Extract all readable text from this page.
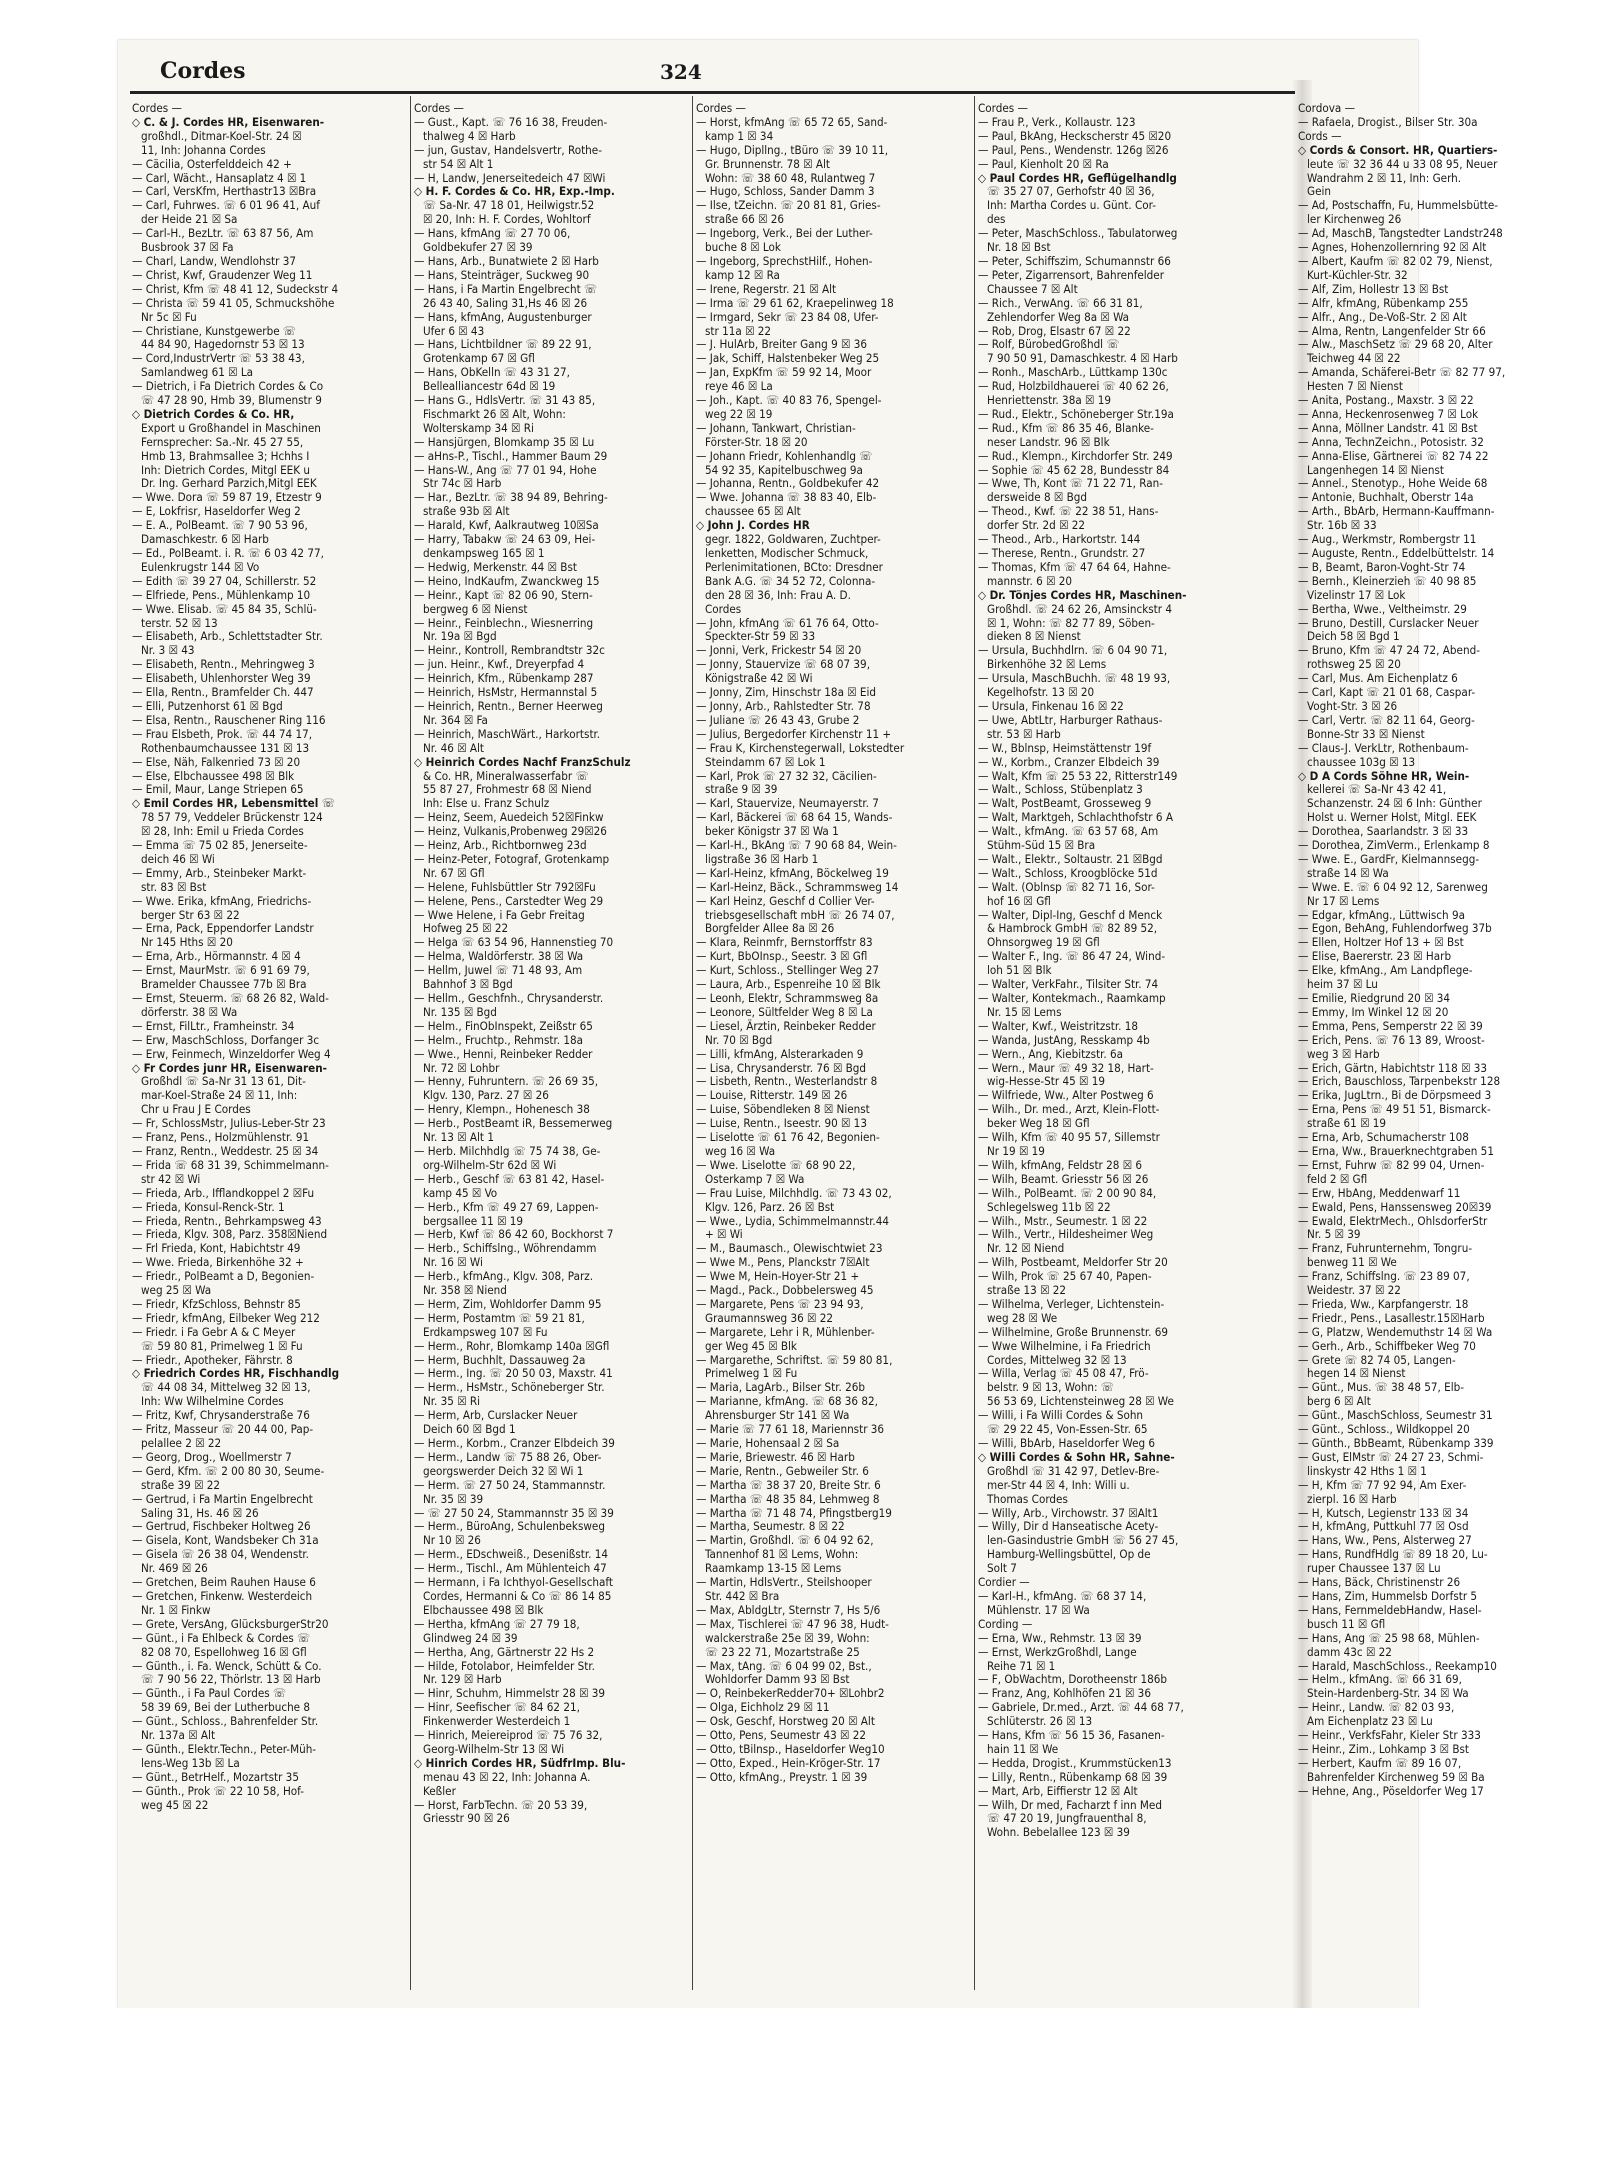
Cordes	324
Cordes —
◇ C. & J. Cordes HR, Eisenwaren-
großhdl., Ditmar-Koel-Str. 24 ☒
11, Inh: Johanna Cordes
— Cäcilia, Osterfelddeich 42 +
— Carl, Wächt., Hansaplatz 4 ☒ 1
— Carl, VersKfm, Herthastr13 ☒Bra
— Carl, Fuhrwes. ☏ 6 01 96 41, Auf
der Heide 21 ☒ Sa
— Carl-H., BezLtr. ☏ 63 87 56, Am
Busbrook 37 ☒ Fa
— Charl, Landw, Wendlohstr 37
— Christ, Kwf, Graudenzer Weg 11
— Christ, Kfm ☏ 48 41 12, Sudeckstr 4
— Christa ☏ 59 41 05, Schmuckshöhe
Nr 5c ☒ Fu
— Christiane, Kunstgewerbe ☏
44 84 90, Hagedornstr 53 ☒ 13
— Cord,IndustrVertr ☏ 53 38 43,
Samlandweg 61 ☒ La
— Dietrich, i Fa Dietrich Cordes & Co
☏ 47 28 90, Hmb 39, Blumenstr 9
◇ Dietrich Cordes & Co. HR,
Export u Großhandel in Maschinen
Fernsprecher: Sa.-Nr. 45 27 55,
Hmb 13, Brahmsallee 3; Hchhs I
Inh: Dietrich Cordes, Mitgl EEK u
Dr. Ing. Gerhard Parzich,Mitgl EEK
— Wwe. Dora ☏ 59 87 19, Etzestr 9
— E, Lokfrisr, Haseldorfer Weg 2
— E. A., PolBeamt. ☏ 7 90 53 96,
Damaschkestr. 6 ☒ Harb
— Ed., PolBeamt. i. R. ☏ 6 03 42 77,
Eulenkrugstr 144 ☒ Vo
— Edith ☏ 39 27 04, Schillerstr. 52
— Elfriede, Pens., Mühlenkamp 10
— Wwe. Elisab. ☏ 45 84 35, Schlü-
terstr. 52 ☒ 13
— Elisabeth, Arb., Schlettstadter Str.
Nr. 3 ☒ 43
— Elisabeth, Rentn., Mehringweg 3
— Elisabeth, Uhlenhorster Weg 39
— Ella, Rentn., Bramfelder Ch. 447
— Elli, Putzenhorst 61 ☒ Bgd
— Elsa, Rentn., Rauschener Ring 116
— Frau Elsbeth, Prok. ☏ 44 74 17,
Rothenbaumchaussee 131 ☒ 13
— Else, Näh, Falkenried 73 ☒ 20
— Else, Elbchaussee 498 ☒ Blk
— Emil, Maur, Lange Striepen 65
◇ Emil Cordes HR, Lebensmittel ☏
78 57 79, Veddeler Brückenstr 124
☒ 28, Inh: Emil u Frieda Cordes
— Emma ☏ 75 02 85, Jenerseite-
deich 46 ☒ Wi
— Emmy, Arb., Steinbeker Markt-
str. 83 ☒ Bst
— Wwe. Erika, kfmAng, Friedrichs-
berger Str 63 ☒ 22
— Erna, Pack, Eppendorfer Landstr
Nr 145 Hths ☒ 20
— Erna, Arb., Hörmannstr. 4 ☒ 4
— Ernst, MaurMstr. ☏ 6 91 69 79,
Bramelder Chaussee 77b ☒ Bra
— Ernst, Steuerm. ☏ 68 26 82, Wald-
dörferstr. 38 ☒ Wa
— Ernst, FilLtr., Framheinstr. 34
— Erw, MaschSchloss, Dorfanger 3c
— Erw, Feinmech, Winzeldorfer Weg 4
◇ Fr Cordes junr HR, Eisenwaren-
Großhdl ☏ Sa-Nr 31 13 61, Dit-
mar-Koel-Straße 24 ☒ 11, Inh:
Chr u Frau J E Cordes
— Fr, SchlossMstr, Julius-Leber-Str 23
— Franz, Pens., Holzmühlenstr. 91
— Franz, Rentn., Weddestr. 25 ☒ 34
— Frida ☏ 68 31 39, Schimmelmann-
str 42 ☒ Wi
— Frieda, Arb., Ifflandkoppel 2 ☒Fu
— Frieda, Konsul-Renck-Str. 1
— Frieda, Rentn., Behrkampsweg 43
— Frieda, Klgv. 308, Parz. 358☒Niend
— Frl Frieda, Kont, Habichtstr 49
— Wwe. Frieda, Birkenhöhe 32 +
— Friedr., PolBeamt a D, Begonien-
weg 25 ☒ Wa
— Friedr, KfzSchloss, Behnstr 85
— Friedr, kfmAng, Eilbeker Weg 212
— Friedr. i Fa Gebr A & C Meyer
☏ 59 80 81, Primelweg 1 ☒ Fu
— Friedr., Apotheker, Fährstr. 8
◇ Friedrich Cordes HR, Fischhandlg
☏ 44 08 34, Mittelweg 32 ☒ 13,
Inh: Ww Wilhelmine Cordes
— Fritz, Kwf, Chrysanderstraße 76
— Fritz, Masseur ☏ 20 44 00, Pap-
pelallee 2 ☒ 22
— Georg, Drog., Woellmerstr 7
— Gerd, Kfm. ☏ 2 00 80 30, Seume-
straße 39 ☒ 22
— Gertrud, i Fa Martin Engelbrecht
Saling 31, Hs. 46 ☒ 26
— Gertrud, Fischbeker Holtweg 26
— Gisela, Kont, Wandsbeker Ch 31a
— Gisela ☏ 26 38 04, Wendenstr.
Nr. 469 ☒ 26
— Gretchen, Beim Rauhen Hause 6
— Gretchen, Finkenw. Westerdeich
Nr. 1 ☒ Finkw
— Grete, VersAng, GlücksburgerStr20
— Günt., i Fa Ehlbeck & Cordes ☏
82 08 70, Espellohweg 16 ☒ Gfl
— Günth., i. Fa. Wenck, Schütt & Co.
☏ 7 90 56 22, Thörlstr. 13 ☒ Harb
— Günth., i Fa Paul Cordes ☏
58 39 69, Bei der Lutherbuche 8
— Günt., Schloss., Bahrenfelder Str.
Nr. 137a ☒ Alt
— Günth., Elektr.Techn., Peter-Müh-
lens-Weg 13b ☒ La
— Günt., BetrHelf., Mozartstr 35
— Günth., Prok ☏ 22 10 58, Hof-
weg 45 ☒ 22
Cordes —
— Gust., Kapt. ☏ 76 16 38, Freuden-
thalweg 4 ☒ Harb
— jun, Gustav, Handelsvertr, Rothe-
str 54 ☒ Alt 1
— H, Landw, Jenerseitedeich 47 ☒Wi
◇ H. F. Cordes & Co. HR, Exp.-Imp.
☏ Sa-Nr. 47 18 01, Heilwigstr.52
☒ 20, Inh: H. F. Cordes, Wohltorf
— Hans, kfmAng ☏ 27 70 06,
Goldbekufer 27 ☒ 39
— Hans, Arb., Bunatwiete 2 ☒ Harb
— Hans, Steinträger, Suckweg 90
— Hans, i Fa Martin Engelbrecht ☏
26 43 40, Saling 31,Hs 46 ☒ 26
— Hans, kfmAng, Augustenburger
Ufer 6 ☒ 43
— Hans, Lichtbildner ☏ 89 22 91,
Grotenkamp 67 ☒ Gfl
— Hans, ObKelln ☏ 43 31 27,
Bellealliancestr 64d ☒ 19
— Hans G., HdlsVertr. ☏ 31 43 85,
Fischmarkt 26 ☒ Alt, Wohn:
Wolterskamp 34 ☒ Ri
— Hansjürgen, Blomkamp 35 ☒ Lu
— aHns-P., Tischl., Hammer Baum 29
— Hans-W., Ang ☏ 77 01 94, Hohe
Str 74c ☒ Harb
— Har., BezLtr. ☏ 38 94 89, Behring-
straße 93b ☒ Alt
— Harald, Kwf, Aalkrautweg 10☒Sa
— Harry, Tabakw ☏ 24 63 09, Hei-
denkampsweg 165 ☒ 1
— Hedwig, Merkenstr. 44 ☒ Bst
— Heino, IndKaufm, Zwanckweg 15
— Heinr., Kapt ☏ 82 06 90, Stern-
bergweg 6 ☒ Nienst
— Heinr., Feinblechn., Wiesnerring
Nr. 19a ☒ Bgd
— Heinr., Kontroll, Rembrandtstr 32c
— jun. Heinr., Kwf., Dreyerpfad 4
— Heinrich, Kfm., Rübenkamp 287
— Heinrich, HsMstr, Hermannstal 5
— Heinrich, Rentn., Berner Heerweg
Nr. 364 ☒ Fa
— Heinrich, MaschWärt., Harkortstr.
Nr. 46 ☒ Alt
◇ Heinrich Cordes Nachf FranzSchulz
& Co. HR, Mineralwasserfabr ☏
55 87 27, Frohmestr 68 ☒ Niend
Inh: Else u. Franz Schulz
— Heinz, Seem, Auedeich 52☒Finkw
— Heinz, Vulkanis,Probenweg 29☒26
— Heinz, Arb., Richtbornweg 23d
— Heinz-Peter, Fotograf, Grotenkamp
Nr. 67 ☒ Gfl
— Helene, Fuhlsbüttler Str 792☒Fu
— Helene, Pens., Carstedter Weg 29
— Wwe Helene, i Fa Gebr Freitag
Hofweg 25 ☒ 22
— Helga ☏ 63 54 96, Hannenstieg 70
— Helma, Waldörferstr. 38 ☒ Wa
— Hellm, Juwel ☏ 71 48 93, Am
Bahnhof 3 ☒ Bgd
— Hellm., Geschfnh., Chrysanderstr.
Nr. 135 ☒ Bgd
— Helm., FinObInspekt, Zeißstr 65
— Helm., Fruchtp., Rehmstr. 18a
— Wwe., Henni, Reinbeker Redder
Nr. 72 ☒ Lohbr
— Henny, Fuhruntern. ☏ 26 69 35,
Klgv. 130, Parz. 27 ☒ 26
— Henry, Klempn., Hohenesch 38
— Herb., PostBeamt iR, Bessemerweg
Nr. 13 ☒ Alt 1
— Herb. Milchhdlg ☏ 75 74 38, Ge-
org-Wilhelm-Str 62d ☒ Wi
— Herb., Geschf ☏ 63 81 42, Hasel-
kamp 45 ☒ Vo
— Herb., Kfm ☏ 49 27 69, Lappen-
bergsallee 11 ☒ 19
— Herb, Kwf ☏ 86 42 60, Bockhorst 7
— Herb., Schiffslng., Wöhrendamm
Nr. 16 ☒ Wi
— Herb., kfmAng., Klgv. 308, Parz.
Nr. 358 ☒ Niend
— Herm, Zim, Wohldorfer Damm 95
— Herm, Postamtm ☏ 59 21 81,
Erdkampsweg 107 ☒ Fu
— Herm., Rohr, Blomkamp 140a ☒Gfl
— Herm, Buchhlt, Dassauweg 2a
— Herm., Ing. ☏ 20 50 03, Maxstr. 41
— Herm., HsMstr., Schöneberger Str.
Nr. 35 ☒ Ri
— Herm, Arb, Curslacker Neuer
Deich 60 ☒ Bgd 1
— Herm., Korbm., Cranzer Elbdeich 39
— Herm., Landw ☏ 75 88 26, Ober-
georgswerder Deich 32 ☒ Wi 1
— Herm. ☏ 27 50 24, Stammannstr.
Nr. 35 ☒ 39
— ☏ 27 50 24, Stammannstr 35 ☒ 39
— Herm., BüroAng, Schulenbeksweg
Nr 10 ☒ 26
— Herm., EDschweiß., Desenißstr. 14
— Herm., Tischl., Am Mühlenteich 47
— Hermann, i Fa Ichthyol-Gesellschaft
Cordes, Hermanni & Co ☏ 86 14 85
Elbchaussee 498 ☒ Blk
— Hertha, kfmAng ☏ 27 79 18,
Glindweg 24 ☒ 39
— Hertha, Ang, Gärtnerstr 22 Hs 2
— Hilde, Fotolabor, Heimfelder Str.
Nr. 129 ☒ Harb
— Hinr, Schuhm, Himmelstr 28 ☒ 39
— Hinr, Seefischer ☏ 84 62 21,
Finkenwerder Westerdeich 1
— Hinrich, Meiereiprod ☏ 75 76 32,
Georg-Wilhelm-Str 13 ☒ Wi
◇ Hinrich Cordes HR, SüdfrImp. Blu-
menau 43 ☒ 22, Inh: Johanna A.
Keßler
— Horst, FarbTechn. ☏ 20 53 39,
Griesstr 90 ☒ 26
Cordes —
— Horst, kfmAng ☏ 65 72 65, Sand-
kamp 1 ☒ 34
— Hugo, Dipllng., tBüro ☏ 39 10 11,
Gr. Brunnenstr. 78 ☒ Alt
Wohn: ☏ 38 60 48, Rulantweg 7
— Hugo, Schloss, Sander Damm 3
— Ilse, tZeichn. ☏ 20 81 81, Gries-
straße 66 ☒ 26
— Ingeborg, Verk., Bei der Luther-
buche 8 ☒ Lok
— Ingeborg, SprechstHilf., Hohen-
kamp 12 ☒ Ra
— Irene, Regerstr. 21 ☒ Alt
— Irma ☏ 29 61 62, Kraepelinweg 18
— Irmgard, Sekr ☏ 23 84 08, Ufer-
str 11a ☒ 22
— J. HulArb, Breiter Gang 9 ☒ 36
— Jak, Schiff, Halstenbeker Weg 25
— Jan, ExpKfm ☏ 59 92 14, Moor
reye 46 ☒ La
— Joh., Kapt. ☏ 40 83 76, Spengel-
weg 22 ☒ 19
— Johann, Tankwart, Christian-
Förster-Str. 18 ☒ 20
— Johann Friedr, Kohlenhandlg ☏
54 92 35, Kapitelbuschweg 9a
— Johanna, Rentn., Goldbekufer 42
— Wwe. Johanna ☏ 38 83 40, Elb-
chaussee 65 ☒ Alt
◇ John J. Cordes HR
gegr. 1822, Goldwaren, Zuchtper-
lenketten, Modischer Schmuck,
Perlenimitationen, BCto: Dresdner
Bank A.G. ☏ 34 52 72, Colonna-
den 28 ☒ 36, Inh: Frau A. D.
Cordes
— John, kfmAng ☏ 61 76 64, Otto-
Speckter-Str 59 ☒ 33
— Jonni, Verk, Frickestr 54 ☒ 20
— Jonny, Stauervize ☏ 68 07 39,
Königstraße 42 ☒ Wi
— Jonny, Zim, Hinschstr 18a ☒ Eid
— Jonny, Arb., Rahlstedter Str. 78
— Juliane ☏ 26 43 43, Grube 2
— Julius, Bergedorfer Kirchenstr 11 +
— Frau K, Kirchenstegerwall, Lokstedter
Steindamm 67 ☒ Lok 1
— Karl, Prok ☏ 27 32 32, Cäcilien-
straße 9 ☒ 39
— Karl, Stauervize, Neumayerstr. 7
— Karl, Bäckerei ☏ 68 64 15, Wands-
beker Königstr 37 ☒ Wa 1
— Karl-H., BkAng ☏ 7 90 68 84, Wein-
ligstraße 36 ☒ Harb 1
— Karl-Heinz, kfmAng, Böckelweg 19
— Karl-Heinz, Bäck., Schrammsweg 14
— Karl Heinz, Geschf d Collier Ver-
triebsgesellschaft mbH ☏ 26 74 07,
Borgfelder Allee 8a ☒ 26
— Klara, Reinmfr, Bernstorffstr 83
— Kurt, BbOInsp., Seestr. 3 ☒ Gfl
— Kurt, Schloss., Stellinger Weg 27
— Laura, Arb., Espenreihe 10 ☒ Blk
— Leonh, Elektr, Schrammsweg 8a
— Leonore, Sültfelder Weg 8 ☒ La
— Liesel, Ärztin, Reinbeker Redder
Nr. 70 ☒ Bgd
— Lilli, kfmAng, Alsterarkaden 9
— Lisa, Chrysanderstr. 76 ☒ Bgd
— Lisbeth, Rentn., Westerlandstr 8
— Louise, Ritterstr. 149 ☒ 26
— Luise, Söbendleken 8 ☒ Nienst
— Luise, Rentn., Iseestr. 90 ☒ 13
— Liselotte ☏ 61 76 42, Begonien-
weg 16 ☒ Wa
— Wwe. Liselotte ☏ 68 90 22,
Osterkamp 7 ☒ Wa
— Frau Luise, Milchhdlg. ☏ 73 43 02,
Klgv. 126, Parz. 26 ☒ Bst
— Wwe., Lydia, Schimmelmannstr.44
+ ☒ Wi
— M., Baumasch., Olewischtwiet 23
— Wwe M., Pens, Planckstr 7☒Alt
— Wwe M, Hein-Hoyer-Str 21 +
— Magd., Pack., Dobbelersweg 45
— Margarete, Pens ☏ 23 94 93,
Graumannsweg 36 ☒ 22
— Margarete, Lehr i R, Mühlenber-
ger Weg 45 ☒ Blk
— Margarethe, Schriftst. ☏ 59 80 81,
Primelweg 1 ☒ Fu
— Maria, LagArb., Bilser Str. 26b
— Marianne, kfmAng. ☏ 68 36 82,
Ahrensburger Str 141 ☒ Wa
— Marie ☏ 77 61 18, Mariennstr 36
— Marie, Hohensaal 2 ☒ Sa
— Marie, Briewestr. 46 ☒ Harb
— Marie, Rentn., Gebweiler Str. 6
— Martha ☏ 38 37 20, Breite Str. 6
— Martha ☏ 48 35 84, Lehmweg 8
— Martha ☏ 71 48 74, Pfingstberg19
— Martha, Seumestr. 8 ☒ 22
— Martin, Großhdl. ☏ 6 04 92 62,
Tannenhof 81 ☒ Lems, Wohn:
Raamkamp 13-15 ☒ Lems
— Martin, HdlsVertr., Steilshooper
Str. 442 ☒ Bra
— Max, AbldgLtr, Sternstr 7, Hs 5/6
— Max, Tischlerei ☏ 47 96 38, Hudt-
walckerstraße 25e ☒ 39, Wohn:
☏ 23 22 71, Mozartstraße 25
— Max, tAng. ☏ 6 04 99 02, Bst.,
Wohldorfer Damm 93 ☒ Bst
— O, ReinbekerRedder70+ ☒Lohbr2
— Olga, Eichholz 29 ☒ 11
— Osk, Geschf, Horstweg 20 ☒ Alt
— Otto, Pens, Seumestr 43 ☒ 22
— Otto, tBilnsp., Haseldorfer Weg10
— Otto, Exped., Hein-Kröger-Str. 17
— Otto, kfmAng., Preystr. 1 ☒ 39
Cordes —
— Frau P., Verk., Kollaustr. 123
— Paul, BkAng, Heckscherstr 45 ☒20
— Paul, Pens., Wendenstr. 126g ☒26
— Paul, Kienholt 20 ☒ Ra
◇ Paul Cordes HR, Geflügelhandlg
☏ 35 27 07, Gerhofstr 40 ☒ 36,
Inh: Martha Cordes u. Günt. Cor-
des
— Peter, MaschSchloss., Tabulatorweg
Nr. 18 ☒ Bst
— Peter, Schiffszim, Schumannstr 66
— Peter, Zigarrensort, Bahrenfelder
Chaussee 7 ☒ Alt
— Rich., VerwAng. ☏ 66 31 81,
Zehlendorfer Weg 8a ☒ Wa
— Rob, Drog, Elsastr 67 ☒ 22
— Rolf, BürobedGroßhdl ☏
7 90 50 91, Damaschkestr. 4 ☒ Harb
— Ronh., MaschArb., Lüttkamp 130c
— Rud, Holzbildhauerei ☏ 40 62 26,
Henriettenstr. 38a ☒ 19
— Rud., Elektr., Schöneberger Str.19a
— Rud., Kfm ☏ 86 35 46, Blanke-
neser Landstr. 96 ☒ Blk
— Rud., Klempn., Kirchdorfer Str. 249
— Sophie ☏ 45 62 28, Bundesstr 84
— Wwe, Th, Kont ☏ 71 22 71, Ran-
dersweide 8 ☒ Bgd
— Theod., Kwf. ☏ 22 38 51, Hans-
dorfer Str. 2d ☒ 22
— Theod., Arb., Harkortstr. 144
— Therese, Rentn., Grundstr. 27
— Thomas, Kfm ☏ 47 64 64, Hahne-
mannstr. 6 ☒ 20
◇ Dr. Tönjes Cordes HR, Maschinen-
Großhdl. ☏ 24 62 26, Amsinckstr 4
☒ 1, Wohn: ☏ 82 77 89, Söben-
dieken 8 ☒ Nienst
— Ursula, Buchhdlrn. ☏ 6 04 90 71,
Birkenhöhe 32 ☒ Lems
— Ursula, MaschBuchh. ☏ 48 19 93,
Kegelhofstr. 13 ☒ 20
— Ursula, Finkenau 16 ☒ 22
— Uwe, AbtLtr, Harburger Rathaus-
str. 53 ☒ Harb
— W., Bblnsp, Heimstättenstr 19f
— W., Korbm., Cranzer Elbdeich 39
— Walt, Kfm ☏ 25 53 22, Ritterstr149
— Walt., Schloss, Stübenplatz 3
— Walt, PostBeamt, Grossewеg 9
— Walt, Marktgeh, Schlachthofstr 6 A
— Walt., kfmAng. ☏ 63 57 68, Am
Stühm-Süd 15 ☒ Bra
— Walt., Elektr., Soltaustr. 21 ☒Bgd
— Walt., Schloss, Kroogblöcke 51d
— Walt. (Oblnsp ☏ 82 71 16, Sor-
hof 16 ☒ Gfl
— Walter, Dipl-Ing, Geschf d Menck
& Hambrock GmbH ☏ 82 89 52,
Ohnsorgweg 19 ☒ Gfl
— Walter F., Ing. ☏ 86 47 24, Wind-
loh 51 ☒ Blk
— Walter, VerkFahr., Tilsiter Str. 74
— Walter, Kontekmach., Raamkamp
Nr. 15 ☒ Lems
— Walter, Kwf., Weistritzstr. 18
— Wanda, JustAng, Resskamp 4b
— Wern., Ang, Kiebitzstr. 6a
— Wern., Maur ☏ 49 32 18, Hart-
wig-Hesse-Str 45 ☒ 19
— Wilfriede, Ww., Alter Postweg 6
— Wilh., Dr. med., Arzt, Klein-Flott-
beker Weg 18 ☒ Gfl
— Wilh, Kfm ☏ 40 95 57, Sillemstr
Nr 19 ☒ 19
— Wilh, kfmAng, Feldstr 28 ☒ 6
— Wilh, Beamt. Griesstr 56 ☒ 26
— Wilh., PolBeamt. ☏ 2 00 90 84,
Schlegelsweg 11b ☒ 22
— Wilh., Mstr., Seumestr. 1 ☒ 22
— Wilh., Vertr., Hildesheimer Weg
Nr. 12 ☒ Niend
— Wilh, Postbeamt, Meldorfer Str 20
— Wilh, Prok ☏ 25 67 40, Papen-
straße 13 ☒ 22
— Wilhelma, Verleger, Lichtenstein-
weg 28 ☒ We
— Wilhelmine, Große Brunnenstr. 69
— Wwe Wilhelmine, i Fa Friedrich
Cordes, Mittelweg 32 ☒ 13
— Willa, Verlag ☏ 45 08 47, Frö-
belstr. 9 ☒ 13, Wohn: ☏
56 53 69, Lichtensteinweg 28 ☒ We
— Willi, i Fa Willi Cordes & Sohn
☏ 29 22 45, Von-Essen-Str. 65
— Willi, BbArb, Haseldorfer Weg 6
◇ Willi Cordes & Sohn HR, Sahne-
Großhdl ☏ 31 42 97, Detlev-Bre-
mer-Str 44 ☒ 4, Inh: Willi u.
Thomas Cordes
— Willy, Arb., Virchowstr. 37 ☒Alt1
— Willy, Dir d Hanseatische Acety-
len-Gasindustrie GmbH ☏ 56 27 45,
Hamburg-Wellingsbüttel, Op de
Solt 7
Cordier —
— Karl-H., kfmAng. ☏ 68 37 14,
Mühlenstr. 17 ☒ Wa
Cording —
— Erna, Ww., Rehmstr. 13 ☒ 39
— Ernst, WerkzGroßhdl, Lange
Reihe 71 ☒ 1
— F, ObWachtm, Dorotheenstr 186b
— Franz, Ang, Kohlhöfen 21 ☒ 36
— Gabriele, Dr.med., Arzt. ☏ 44 68 77,
Schlüterstr. 26 ☒ 13
— Hans, Kfm ☏ 56 15 36, Fasanen-
hain 11 ☒ We
— Hedda, Drogist., Krummstücken13
— Lilly, Rentn., Rübenkamp 68 ☒ 39
— Mart, Arb, Eiffierstr 12 ☒ Alt
— Wilh, Dr med, Facharzt f inn Med
☏ 47 20 19, Jungfrauenthal 8,
Wohn. Bebelallee 123 ☒ 39
Cordova —
— Rafaela, Drogist., Bilser Str. 30a
Cords —
◇ Cords & Consort. HR, Quartiers-
leute ☏ 32 36 44 u 33 08 95, Neuer
Wandrahm 2 ☒ 11, Inh: Gerh.
Gein
— Ad, Postschaffn, Fu, Hummelsbütte-
ler Kirchenweg 26
— Ad, MaschB, Tangstedter Landstr248
— Agnes, Hohenzollernring 92 ☒ Alt
— Albert, Kaufm ☏ 82 02 79, Nienst,
Kurt-Küchler-Str. 32
— Alf, Zim, Hollestr 13 ☒ Bst
— Alfr, kfmAng, Rübenkamp 255
— Alfr., Ang., De-Voß-Str. 2 ☒ Alt
— Alma, Rentn, Langenfelder Str 66
— Alw., MaschSetz ☏ 29 68 20, Alter
Teichweg 44 ☒ 22
— Amanda, Schäferei-Betr ☏ 82 77 97,
Hesten 7 ☒ Nienst
— Anita, Postang., Maxstr. 3 ☒ 22
— Anna, Heckenrosenweg 7 ☒ Lok
— Anna, Möllner Landstr. 41 ☒ Bst
— Anna, TechnZeichn., Potosistr. 32
— Anna-Elise, Gärtnerei ☏ 82 74 22
Langenhegen 14 ☒ Nienst
— Annel., Stenotyp., Hohe Weide 68
— Antonie, Buchhalt, Oberstr 14a
— Arth., BbArb, Hermann-Kauffmann-
Str. 16b ☒ 33
— Aug., Werkmstr, Rombergstr 11
— Auguste, Rentn., Eddelbüttelstr. 14
— B, Beamt, Baron-Voght-Str 74
— Bernh., Kleinerzieh ☏ 40 98 85
Vizelinstr 17 ☒ Lok
— Bertha, Wwe., Veltheimstr. 29
— Bruno, Destill, Curslacker Neuer
Deich 58 ☒ Bgd 1
— Bruno, Kfm ☏ 47 24 72, Abend-
rothsweg 25 ☒ 20
— Carl, Mus. Am Eichenplatz 6
— Carl, Kapt ☏ 21 01 68, Caspar-
Voght-Str. 3 ☒ 26
— Carl, Vertr. ☏ 82 11 64, Georg-
Bonne-Str 33 ☒ Nienst
— Claus-J. VerkLtr, Rothenbaum-
chaussee 103g ☒ 13
◇ D A Cords Söhne HR, Wein-
kellerei ☏ Sa-Nr 43 42 41,
Schanzenstr. 24 ☒ 6 Inh: Günther
Holst u. Werner Holst, Mitgl. EEK
— Dorothea, Saarlandstr. 3 ☒ 33
— Dorothea, ZimVerm., Erlenkamp 8
— Wwe. E., GardFr, Kielmannsegg-
straße 14 ☒ Wa
— Wwe. E. ☏ 6 04 92 12, Sarenweg
Nr 17 ☒ Lems
— Edgar, kfmAng., Lüttwisch 9a
— Egon, BehAng, Fuhlendorfweg 37b
— Ellen, Holtzer Hof 13 + ☒ Bst
— Elise, Baererstr. 23 ☒ Harb
— Elke, kfmAng., Am Landpflege-
heim 37 ☒ Lu
— Emilie, Riedgrund 20 ☒ 34
— Emmy, Im Winkel 12 ☒ 20
— Emma, Pens, Semperstr 22 ☒ 39
— Erich, Pens. ☏ 76 13 89, Wroost-
weg 3 ☒ Harb
— Erich, Gärtn, Habichtstr 118 ☒ 33
— Erich, Bauschloss, Tarpenbekstr 128
— Erika, JugLtrn., Bi de Dörpsmeed 3
— Erna, Pens ☏ 49 51 51, Bismarck-
straße 61 ☒ 19
— Erna, Arb, Schumacherstr 108
— Erna, Ww., Brauerknechtgraben 51
— Ernst, Fuhrw ☏ 82 99 04, Urnen-
feld 2 ☒ Gfl
— Erw, HbAng, Meddenwarf 11
— Ewald, Pens, Hanssensweg 20☒39
— Ewald, ElektrMech., OhlsdorferStr
Nr. 5 ☒ 39
— Franz, Fuhrunternehm, Tongru-
benweg 11 ☒ We
— Franz, Schiffslng. ☏ 23 89 07,
Weidestr. 37 ☒ 22
— Frieda, Ww., Karpfangerstr. 18
— Friedr., Pens., Lasallestr.15☒Harb
— G, Platzw, Wendemuthstr 14 ☒ Wa
— Gerh., Arb., Schiffbeker Weg 70
— Grete ☏ 82 74 05, Langen-
hegen 14 ☒ Nienst
— Günt., Mus. ☏ 38 48 57, Elb-
berg 6 ☒ Alt
— Günt., MaschSchloss, Seumestr 31
— Günt., Schloss., Wildkoppel 20
— Günth., BbBeamt, Rübenkamp 339
— Gust, ElMstr ☏ 24 27 23, Schmi-
linskystr 42 Hths 1 ☒ 1
— H, Kfm ☏ 77 92 94, Am Exer-
zierpl. 16 ☒ Harb
— H, Kutsch, Legienstr 133 ☒ 34
— H, kfmAng, Puttkuhl 77 ☒ Osd
— Hans, Ww., Pens, Alsterweg 27
— Hans, RundfHdlg ☏ 89 18 20, Lu-
ruper Chaussee 137 ☒ Lu
— Hans, Bäck, Christinenstr 26
— Hans, Zim, Hummelsb Dorfstr 5
— Hans, FernmeldebHandw, Hasel-
busch 11 ☒ Gfl
— Hans, Ang ☏ 25 98 68, Mühlen-
damm 43c ☒ 22
— Harald, MaschSchloss., Reekamp10
— Helm., kfmAng. ☏ 66 31 69,
Stein-Hardenberg-Str. 34 ☒ Wa
— Heinr., Landw. ☏ 82 03 93,
Am Eichenplatz 23 ☒ Lu
— Heinr., VerkfsFahr, Kieler Str 333
— Heinr., Zim., Lohkamp 3 ☒ Bst
— Herbert, Kaufm ☏ 89 16 07,
Bahrenfelder Kirchenweg 59 ☒ Ba
— Hehne, Ang., Pöseldorfer Weg 17
